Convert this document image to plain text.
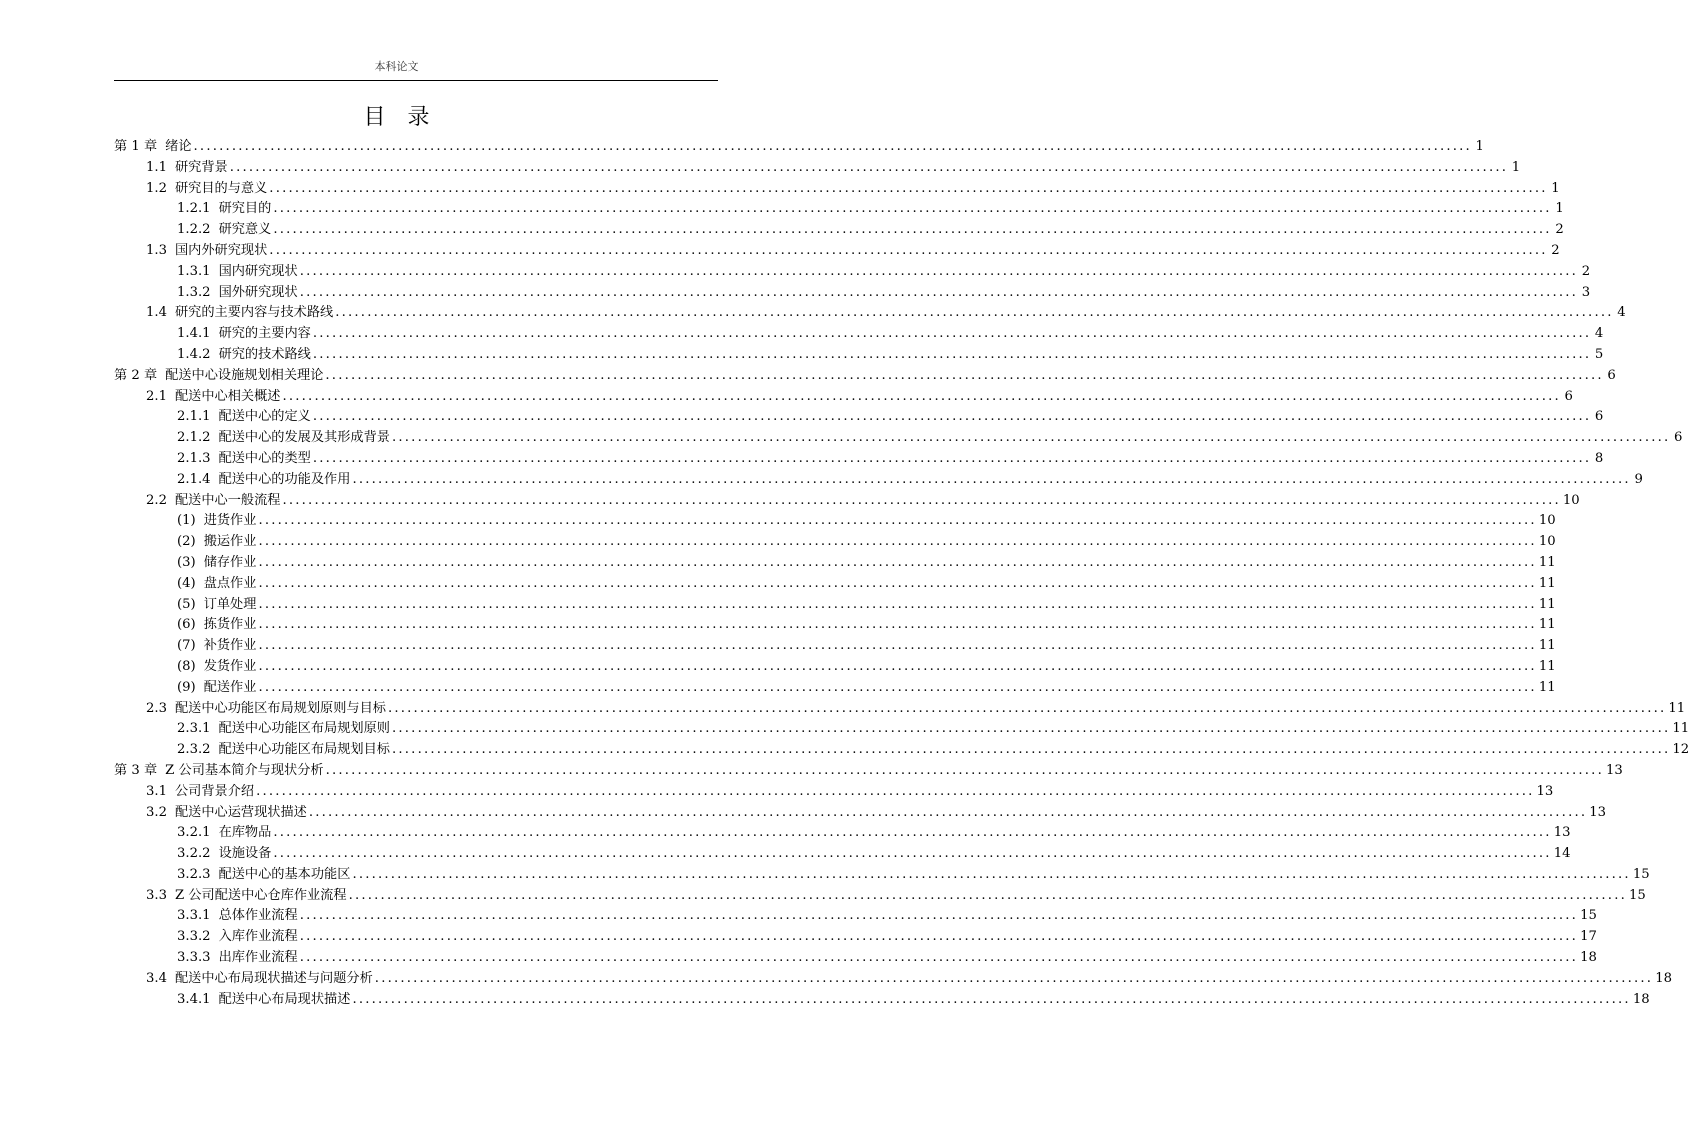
本科论文
目录
第 1 章 绪论 ........................................................................................................................................................................................................ 1
1.1 研究背景 ........................................................................................................................................................................................................ 1
1.2 研究目的与意义 ........................................................................................................................................................................................................ 1
1.2.1 研究目的 ........................................................................................................................................................................................................ 1
1.2.2 研究意义 ........................................................................................................................................................................................................ 2
1.3 国内外研究现状 ........................................................................................................................................................................................................ 2
1.3.1 国内研究现状 ........................................................................................................................................................................................................ 2
1.3.2 国外研究现状 ........................................................................................................................................................................................................ 3
1.4 研究的主要内容与技术路线 ........................................................................................................................................................................................................ 4
1.4.1 研究的主要内容 ........................................................................................................................................................................................................ 4
1.4.2 研究的技术路线 ........................................................................................................................................................................................................ 5
第 2 章 配送中心设施规划相关理论 ........................................................................................................................................................................................................ 6
2.1 配送中心相关概述 ........................................................................................................................................................................................................ 6
2.1.1 配送中心的定义 ........................................................................................................................................................................................................ 6
2.1.2 配送中心的发展及其形成背景 ........................................................................................................................................................................................................ 6
2.1.3 配送中心的类型 ........................................................................................................................................................................................................ 8
2.1.4 配送中心的功能及作用 ........................................................................................................................................................................................................ 9
2.2 配送中心一般流程 ........................................................................................................................................................................................................ 10
(1) 进货作业 ........................................................................................................................................................................................................ 10
(2) 搬运作业 ........................................................................................................................................................................................................ 10
(3) 储存作业 ........................................................................................................................................................................................................ 11
(4) 盘点作业 ........................................................................................................................................................................................................ 11
(5) 订单处理 ........................................................................................................................................................................................................ 11
(6) 拣货作业 ........................................................................................................................................................................................................ 11
(7) 补货作业 ........................................................................................................................................................................................................ 11
(8) 发货作业 ........................................................................................................................................................................................................ 11
(9) 配送作业 ........................................................................................................................................................................................................ 11
2.3 配送中心功能区布局规划原则与目标 ........................................................................................................................................................................................................ 11
2.3.1 配送中心功能区布局规划原则 ........................................................................................................................................................................................................ 11
2.3.2 配送中心功能区布局规划目标 ........................................................................................................................................................................................................ 12
第 3 章 Z 公司基本简介与现状分析 ........................................................................................................................................................................................................ 13
3.1 公司背景介绍 ........................................................................................................................................................................................................ 13
3.2 配送中心运营现状描述 ........................................................................................................................................................................................................ 13
3.2.1 在库物品 ........................................................................................................................................................................................................ 13
3.2.2 设施设备 ........................................................................................................................................................................................................ 14
3.2.3 配送中心的基本功能区 ........................................................................................................................................................................................................ 15
3.3 Z 公司配送中心仓库作业流程 ........................................................................................................................................................................................................ 15
3.3.1 总体作业流程 ........................................................................................................................................................................................................ 15
3.3.2 入库作业流程 ........................................................................................................................................................................................................ 17
3.3.3 出库作业流程 ........................................................................................................................................................................................................ 18
3.4 配送中心布局现状描述与问题分析 ........................................................................................................................................................................................................ 18
3.4.1 配送中心布局现状描述 ........................................................................................................................................................................................................ 18
